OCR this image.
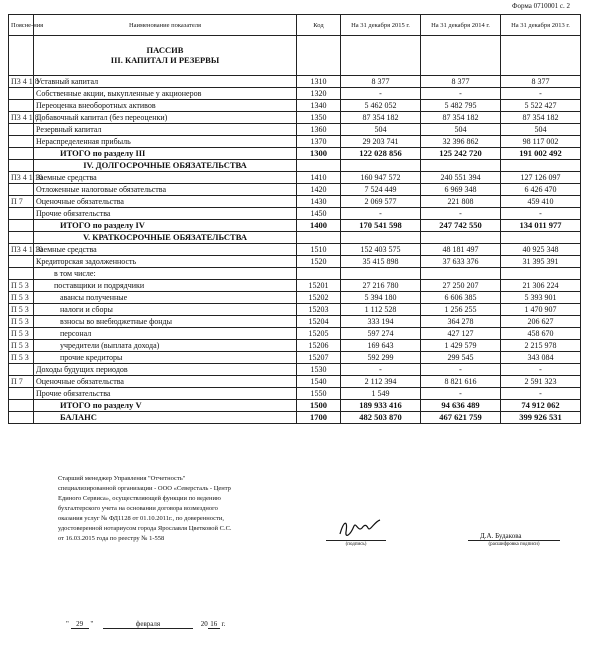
Форма 0710001 с. 2
Поясне-ния	Наименование показателя	Код	На 31 декабря 2015 г.	На 31 декабря 2014 г.	На 31 декабря 2013 г.

	ПАССИВ
III. КАПИТАЛ И РЕЗЕРВЫ				

П3 4 1 8	Уставный капитал	1310	8 377	8 377	8 377
	Собственные акции, выкупленные у акционеров	1320	-	-	-
	Переоценка внеоборотных активов	1340	5 462 052	5 482 795	5 522 427
П3 4 1 8	Добавочный капитал (без переоценки)	1350	87 354 182	87 354 182	87 354 182
	Резервный капитал	1360	504	504	504
	Нераспределенная прибыль	1370	29 203 741	32 396 862	98 117 002
	ИТОГО по разделу III	1300	122 028 856	125 242 720	191 002 492

	IV. ДОЛГОСРОЧНЫЕ ОБЯЗАТЕЛЬСТВА				

П3 4 1 10	Заемные средства	1410	160 947 572	240 551 394	127 126 097
	Отложенные налоговые обязательства	1420	7 524 449	6 969 348	6 426 470
П 7	Оценочные обязательства	1430	2 069 577	221 808	459 410
	Прочие обязательства	1450	-	-	-
	ИТОГО по разделу IV	1400	170 541 598	247 742 550	134 011 977

	V. КРАТКОСРОЧНЫЕ ОБЯЗАТЕЛЬСТВА				

П3 4 1 10	Заемные средства	1510	152 403 575	48 181 497	40 925 348
	Кредиторская задолженность	1520	35 415 898	37 633 376	31 395 391
	в том числе:				
П 5 3	поставщики и подрядчики	15201	27 216 780	27 250 207	21 306 224
П 5 3	авансы полученные	15202	5 394 180	6 606 385	5 393 901
П 5 3	налоги и сборы	15203	1 112 528	1 256 255	1 470 907
П 5 3	взносы во внебюджетные фонды	15204	333 194	364 278	206 627
П 5 3	персонал	15205	597 274	427 127	458 670
П 5 3	учредители (выплата дохода)	15206	169 643	1 429 579	2 215 978
П 5 3	прочие кредиторы	15207	592 299	299 545	343 084
	Доходы будущих периодов	1530	-	-	-
П 7	Оценочные обязательства	1540	2 112 394	8 821 616	2 591 323
	Прочие обязательства	1550	1 549	-	-
	ИТОГО по разделу V	1500	189 933 416	94 636 489	74 912 062
	БАЛАНС	1700	482 503 870	467 621 759	399 926 531
Старший менеджер Управления "Отчетность"
специализированной организации - ООО «Северсталь - Центр
Единого Сервиса», осуществляющей функции по ведению
бухгалтерского учета на основании договора возмездного
оказания услуг № ФД1128 от 01.10.2011г., по доверенности,
удостоверенной нотариусом города Ярославля Цветковой С.С.
от 16.03.2015 года по реестру № 1-558
(подпись)
Д.А. Будакова
(расшифровка подписи)
" 29 "	февраля	20 16 г.
